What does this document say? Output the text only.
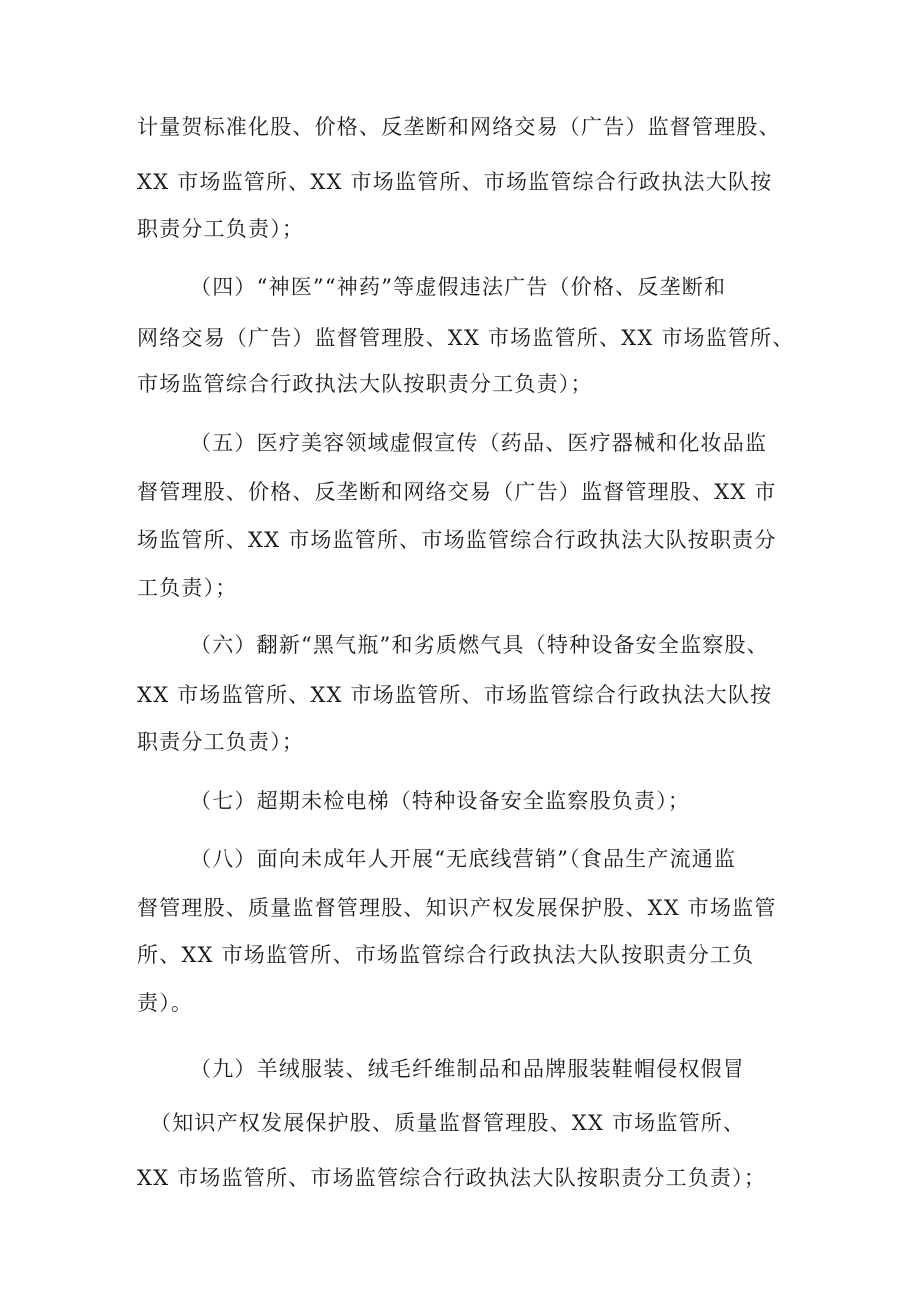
计量贺标准化股、价格、反垄断和网络交易（广告）监督管理股、
XX 市场监管所、XX 市场监管所、市场监管综合行政执法大队按
职责分工负责）；
（四）“神医”“神药”等虚假违法广告（价格、反垄断和
网络交易（广告）监督管理股、XX 市场监管所、XX 市场监管所、
市场监管综合行政执法大队按职责分工负责）；
（五）医疗美容领域虚假宣传（药品、医疗器械和化妆品监
督管理股、价格、反垄断和网络交易（广告）监督管理股、XX 市
场监管所、XX 市场监管所、市场监管综合行政执法大队按职责分
工负责）；
（六）翻新“黑气瓶”和劣质燃气具（特种设备安全监察股、
XX 市场监管所、XX 市场监管所、市场监管综合行政执法大队按
职责分工负责）；
（七）超期未检电梯（特种设备安全监察股负责）；
（八）面向未成年人开展“无底线营销”（食品生产流通监
督管理股、质量监督管理股、知识产权发展保护股、XX 市场监管
所、XX 市场监管所、市场监管综合行政执法大队按职责分工负
责）。
（九）羊绒服装、绒毛纤维制品和品牌服装鞋帽侵权假冒
（知识产权发展保护股、质量监督管理股、XX 市场监管所、
XX 市场监管所、市场监管综合行政执法大队按职责分工负责）；
